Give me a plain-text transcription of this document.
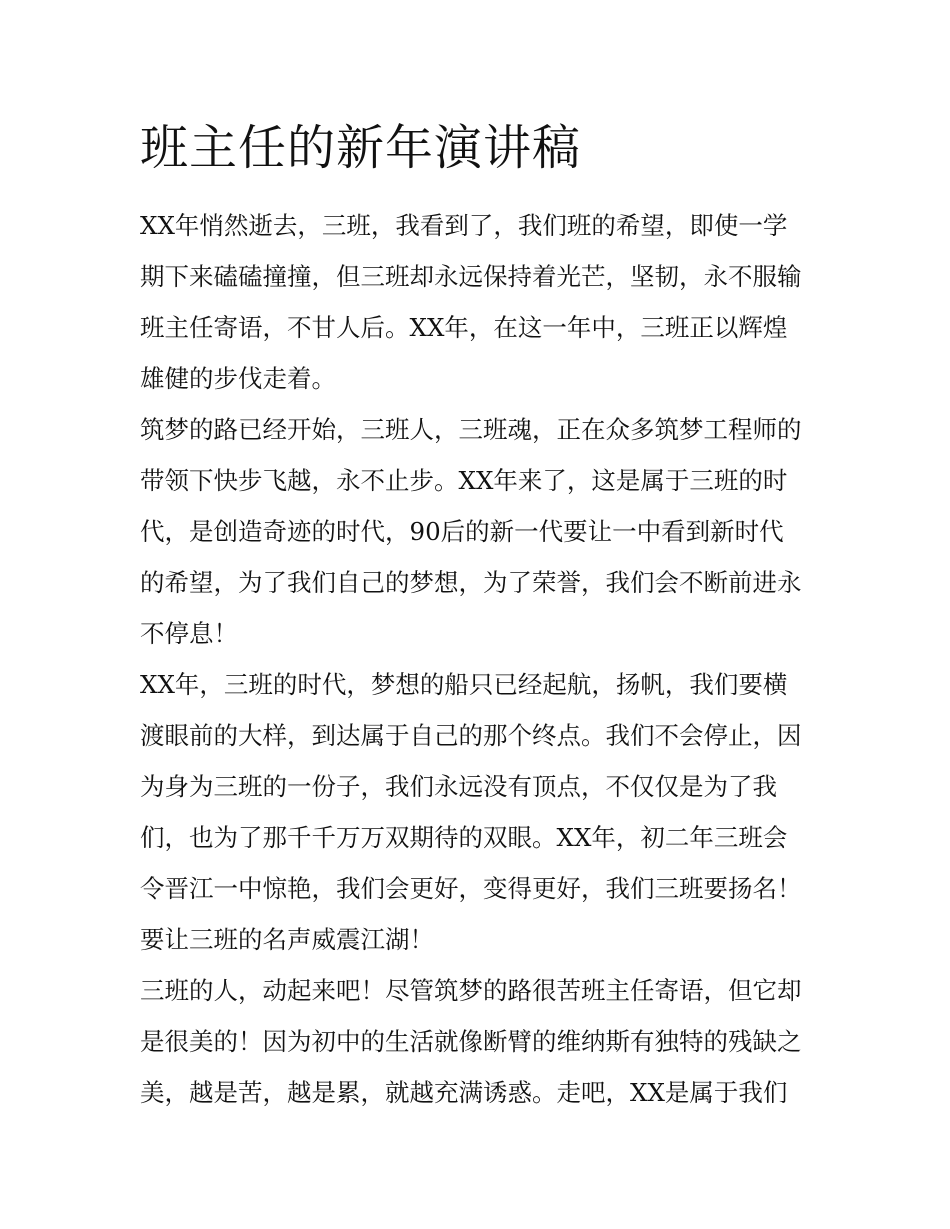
班主任的新年演讲稿

XX年悄然逝去，三班，我看到了，我们班的希望，即使一学

期下来磕磕撞撞，但三班却永远保持着光芒，坚韧，永不服输

班主任寄语，不甘人后。XX年，在这一年中，三班正以辉煌

雄健的步伐走着。

筑梦的路已经开始，三班人，三班魂，正在众多筑梦工程师的

带领下快步飞越，永不止步。XX年来了，这是属于三班的时

代，是创造奇迹的时代，90后的新一代要让一中看到新时代

的希望，为了我们自己的梦想，为了荣誉，我们会不断前进永

不停息！

XX年，三班的时代，梦想的船只已经起航，扬帆，我们要横

渡眼前的大样，到达属于自己的那个终点。我们不会停止，因

为身为三班的一份子，我们永远没有顶点，不仅仅是为了我

们，也为了那千千万万双期待的双眼。XX年，初二年三班会

令晋江一中惊艳，我们会更好，变得更好，我们三班要扬名！

要让三班的名声威震江湖！

三班的人，动起来吧！尽管筑梦的路很苦班主任寄语，但它却

是很美的！因为初中的生活就像断臂的维纳斯有独特的残缺之

美，越是苦，越是累，就越充满诱惑。走吧，XX是属于我们
